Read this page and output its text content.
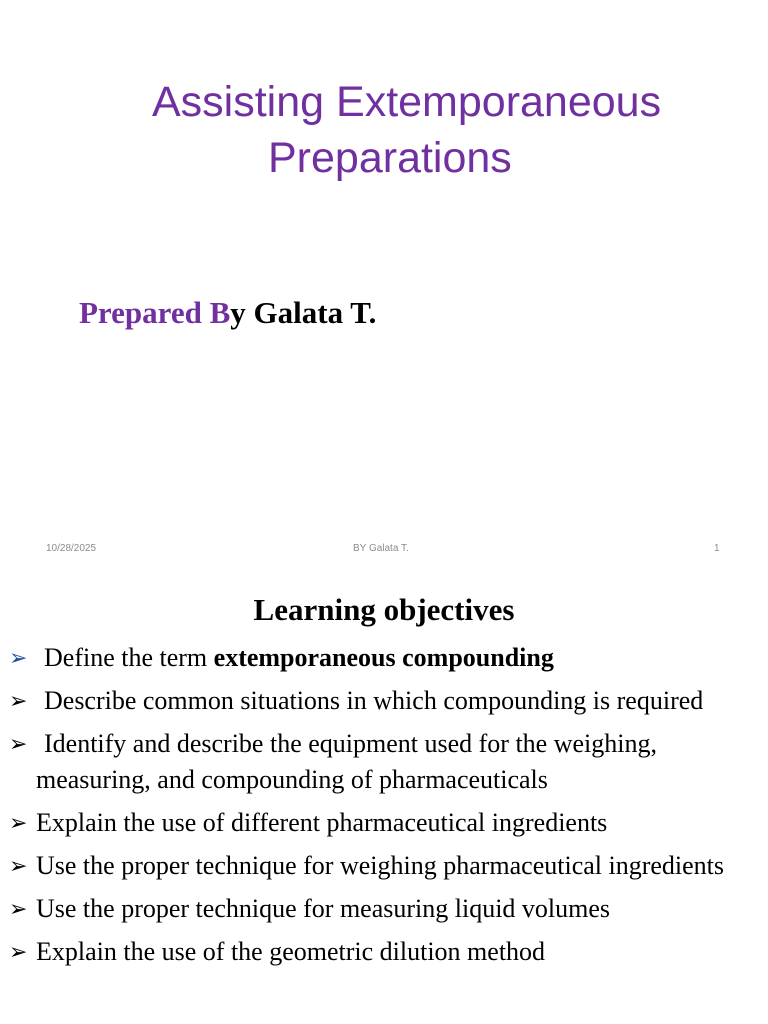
Assisting Extemporaneous
Preparations
Prepared By Galata T.
10/28/2025	BY Galata T.	1
Learning objectives
➢ Define the term extemporaneous compounding
➢ Describe common situations in which compounding is required
➢ Identify and describe the equipment used for the weighing, measuring, and compounding of pharmaceuticals
➢ Explain the use of different pharmaceutical ingredients
➢ Use the proper technique for weighing pharmaceutical ingredients
➢ Use the proper technique for measuring liquid volumes
➢ Explain the use of the geometric dilution method
